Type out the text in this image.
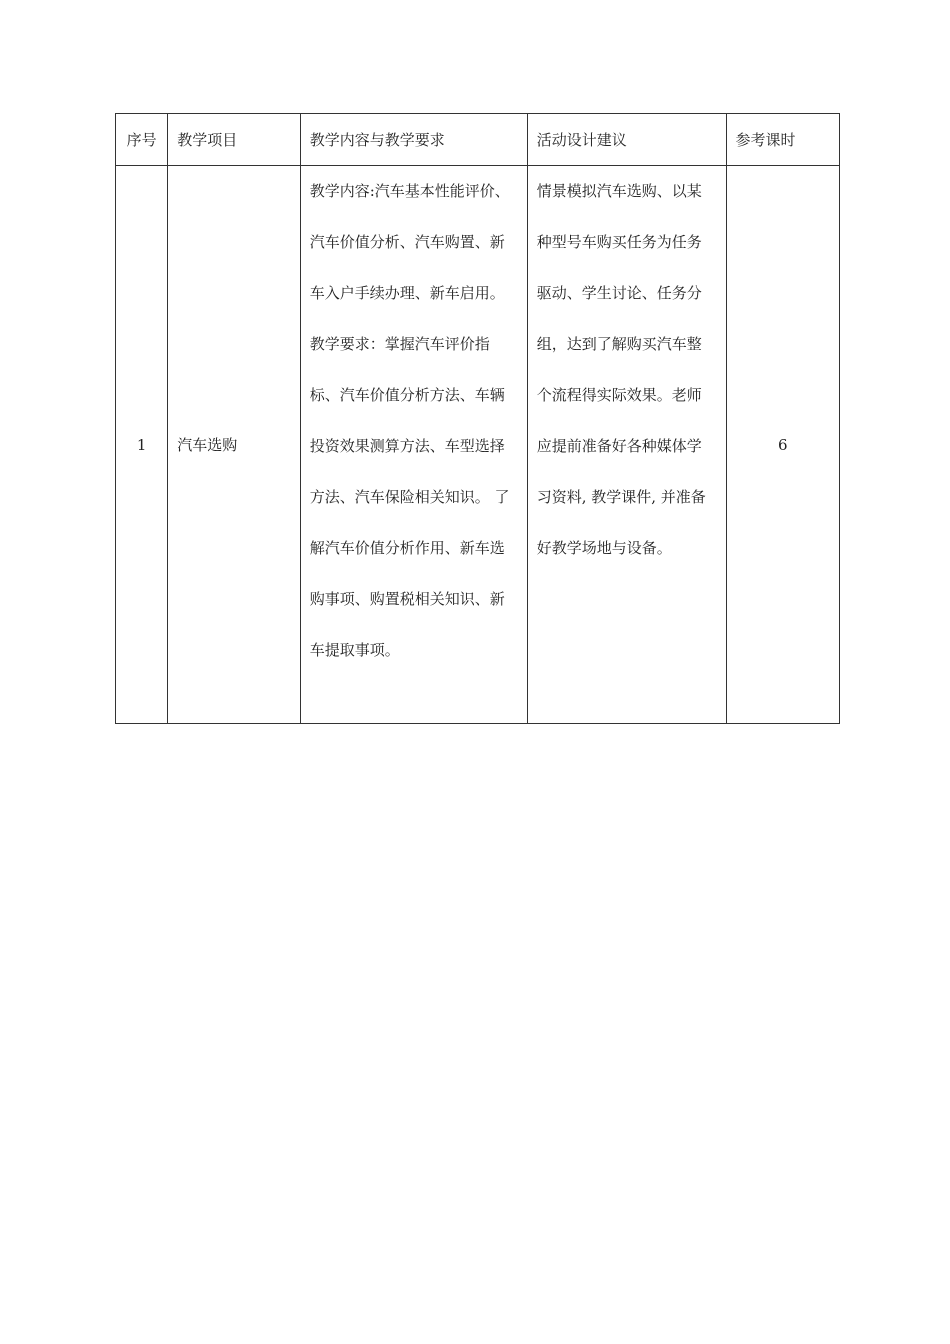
序号	教学项目	教学内容与教学要求	活动设计建议	参考课时
1	汽车选购	教学内容:汽车基本性能评价、汽车价值分析、汽车购置、新车入户手续办理、新车启用。
教学要求：掌握汽车评价指标、汽车价值分析方法、车辆投资效果测算方法、车型选择方法、汽车保险相关知识。 了解汽车价值分析作用、新车选购事项、购置税相关知识、新车提取事项。	情景模拟汽车选购、以某种型号车购买任务为任务驱动、学生讨论、任务分组，达到了解购买汽车整个流程得实际效果。老师应提前准备好各种媒体学习资料, 教学课件, 并准备好教学场地与设备。	6
